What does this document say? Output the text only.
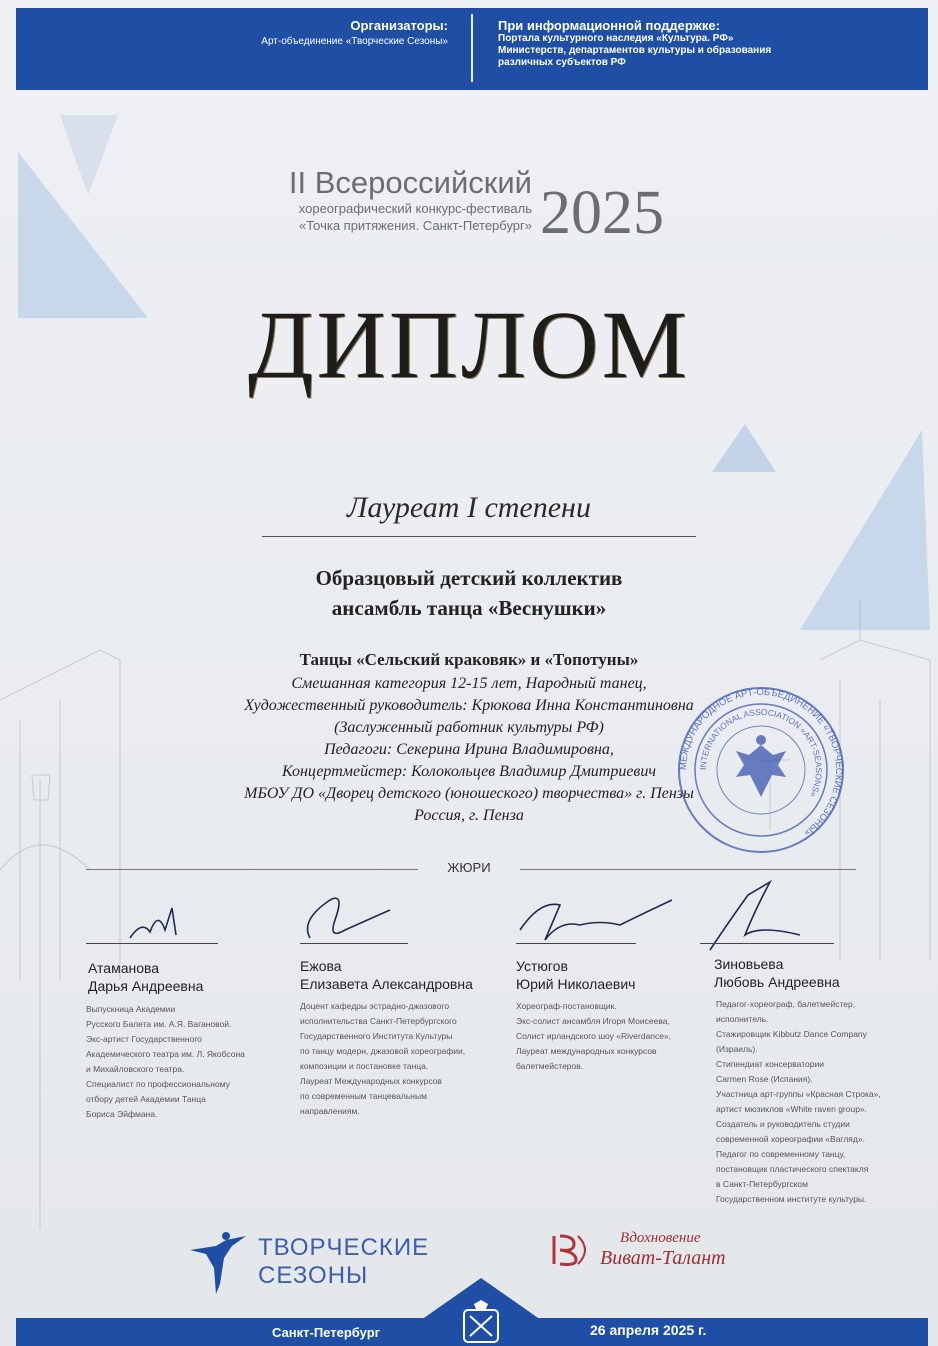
Организаторы:
Арт-объединение «Творческие Сезоны»
При информационной поддержке:
Портала культурного наследия «Культура. РФ»
Министерств, департаментов культуры и образования
различных субъектов РФ
II Всероссийский
хореографический конкурс-фестиваль
«Точка притяжения. Санкт-Петербург» 2025
ДИПЛОМ
Лауреат I степени
Образцовый детский коллектив
ансамбль танца «Веснушки»
Танцы «Сельский краковяк» и «Топотуны»
Смешанная категория 12-15 лет, Народный танец,
Художественный руководитель: Крюкова Инна Константиновна
(Заслуженный работник культуры РФ)
Педагоги: Секерина Ирина Владимировна,
Концертмейстер: Колокольцев Владимир Дмитриевич
МБОУ ДО «Дворец детского (юношеского) творчества» г. Пензы
Россия, г. Пенза
МЕЖДУНАРОДНОЕ АРТ-ОБЪЕДИНЕНИЕ «ТВОРЧЕСКИЕ СЕЗОНЫ»
INTERNATIONAL ASSOCIATION «ART-SEASONS»
ЖЮРИ
Атаманова
Дарья Андреевна
Выпускница Академии
Русского Балета им. А.Я. Вагановой.
Экс-артист Государственного
Академического театра им. Л. Якобсона
и Михайловского театра.
Специалист по профессиональному
отбору детей Академии Танца
Бориса Эйфмана.
Ежова
Елизавета Александровна
Доцент кафедры эстрадно-джазового
исполнительства Санкт-Петербургского
Государственного Института Культуры
по танцу модерн, джазовой хореографии,
композиции и постановке танца.
Лауреат Международных конкурсов
по современным танцевальным
направлениям.
Устюгов
Юрий Николаевич
Хореограф-постановщик.
Экс-солист ансамбля Игоря Моисеева,
Солист ирландского шоу «Riverdance»,
Лауреат международных конкурсов
балетмейстеров.
Зиновьева
Любовь Андреевна
Педагог-хореограф, балетмейстер,
исполнитель.
Стажировщик Kibbutz Dance Company
(Израиль).
Стипендиат консерватории
Carmen Rose (Испания).
Участница арт-группы «Красная Строка»,
артист мюзиклов «White raven group».
Создатель и руководитель студии
современной хореографии «Вагляд».
Педагог по современному танцу,
постановщик пластического спектакля
в Санкт-Петербургском
Государственном институте культуры.
ТВОРЧЕСКИЕ
СЕЗОНЫ
Вдохновение
Виват-Талант
Санкт-Петербург	26 апреля 2025 г.
